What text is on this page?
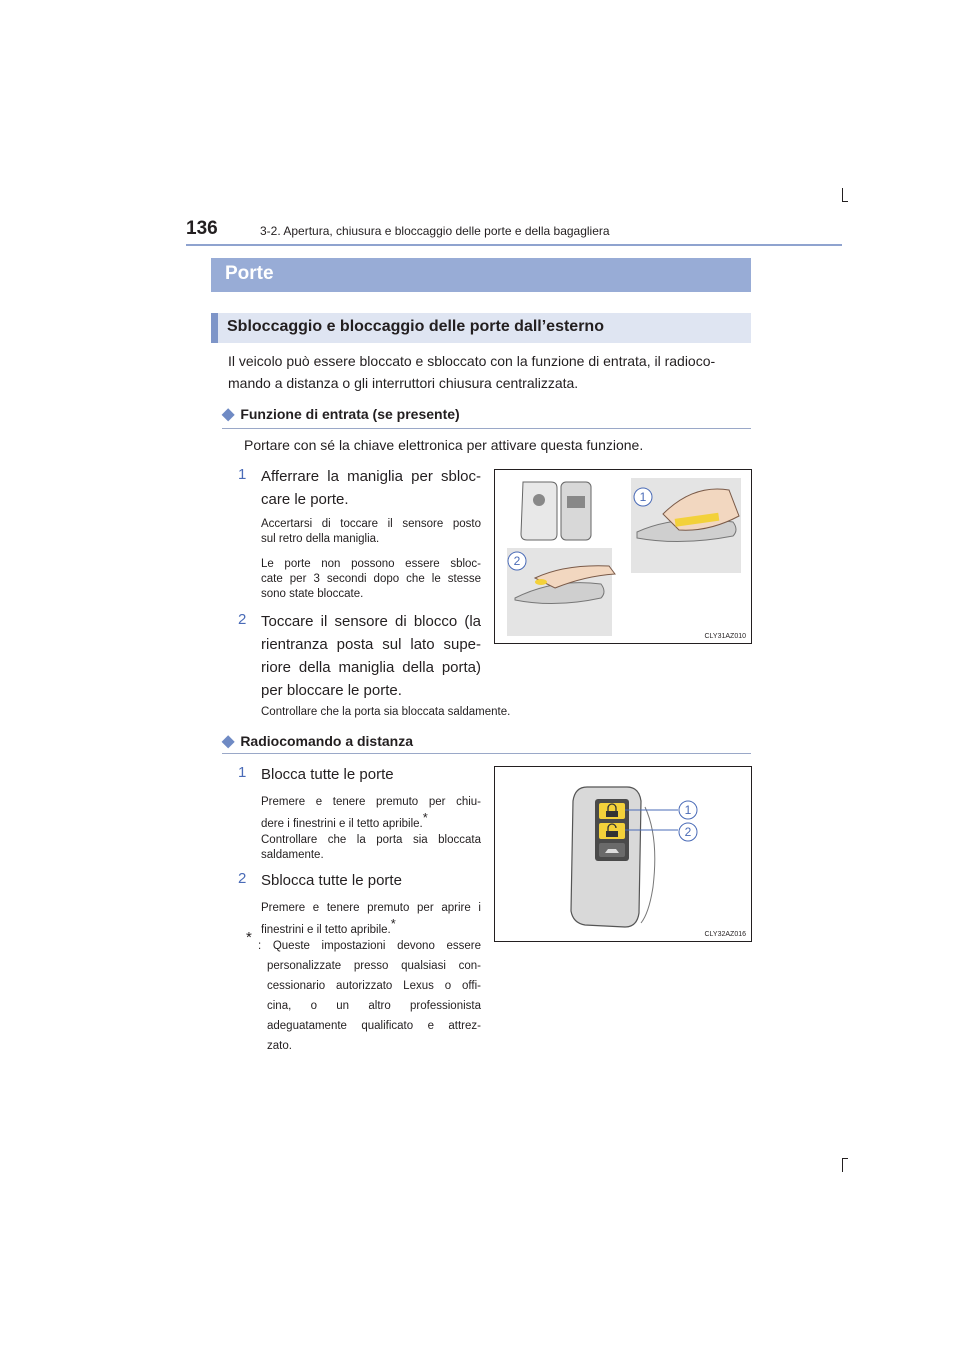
136	3-2. Apertura, chiusura e bloccaggio delle porte e della bagagliera
Porte
Sbloccaggio e bloccaggio delle porte dall’esterno
Il veicolo può essere bloccato e sbloccato con la funzione di entrata, il radioco-
mando a distanza o gli interruttori chiusura centralizzata.
◆ Funzione di entrata (se presente)
Portare con sé la chiave elettronica per attivare questa funzione.
1 Afferrare la maniglia per sbloc-
care le porte.
Accertarsi di toccare il sensore posto
sul retro della maniglia.
Le porte non possono essere sbloc-
cate per 3 secondi dopo che le stesse
sono state bloccate.
2 Toccare il sensore di blocco (la
rientranza posta sul lato supe-
riore della maniglia della porta)
per bloccare le porte.
Controllare che la porta sia bloccata saldamente.
1
2
CLY31AZ010
◆ Radiocomando a distanza
1 Blocca tutte le porte
Premere e tenere premuto per chiu-
dere i finestrini e il tetto apribile.*
Controllare che la porta sia bloccata
saldamente.
2 Sblocca tutte le porte
Premere e tenere premuto per aprire i
finestrini e il tetto apribile.*
* : Queste impostazioni devono essere
personalizzate presso qualsiasi con-
cessionario autorizzato Lexus o offi-
cina, o un altro professionista
adeguatamente qualificato e attrez-
zato.
1
2
CLY32AZ016
